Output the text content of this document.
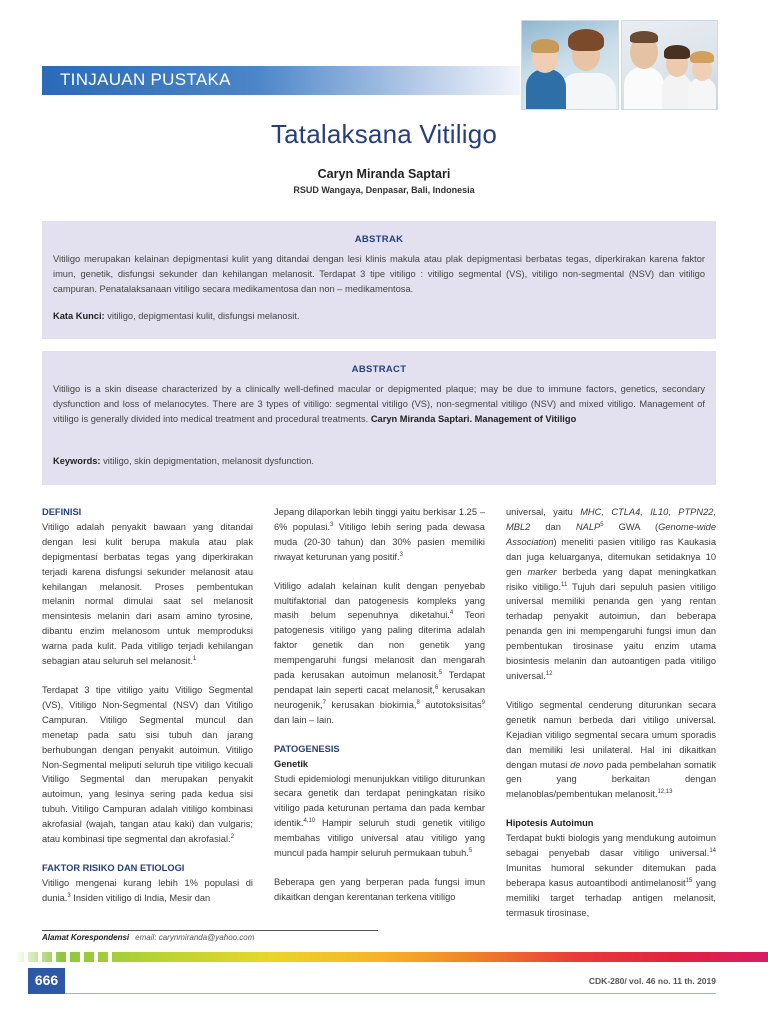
TINJAUAN PUSTAKA
Tatalaksana Vitiligo
Caryn Miranda Saptari
RSUD Wangaya, Denpasar, Bali, Indonesia
ABSTRAK
Vitiligo merupakan kelainan depigmentasi kulit yang ditandai dengan lesi klinis makula atau plak depigmentasi berbatas tegas, diperkirakan karena faktor imun, genetik, disfungsi sekunder dan kehilangan melanosit. Terdapat 3 tipe vitiligo : vitiligo segmental (VS), vitiligo non-segmental (NSV) dan vitiligo campuran. Penatalaksanaan vitiligo secara medikamentosa dan non – medikamentosa.
Kata Kunci: vitiligo, depigmentasi kulit, disfungsi melanosit.
ABSTRACT
Vitiligo is a skin disease characterized by a clinically well-defined macular or depigmented plaque; may be due to immune factors, genetics, secondary dysfunction and loss of melanocytes. There are 3 types of vitiligo: segmental vitiligo (VS), non-segmental vitiligo (NSV) and mixed vitiligo. Management of vitiligo is generally divided into medical treatment and procedural treatments. Caryn Miranda Saptari. Management of Vitiligo
Keywords: vitiligo, skin depigmentation, melanosit dysfunction.
DEFINISI

Vitiligo adalah penyakit bawaan yang ditandai dengan lesi kulit berupa makula atau plak depigmentasi berbatas tegas yang diperkirakan terjadi karena disfungsi sekunder melanosit atau kehilangan melanosit. Proses pembentukan melanin normal dimulai saat sel melanosit mensintesis melanin dari asam amino tyrosine, dibantu enzim melanosom untuk memproduksi warna pada kulit. Pada vitiligo terjadi kehilangan sebagian atau seluruh sel melanosit.$^1$

Terdapat 3 tipe vitiligo yaitu Vitiligo Segmental (VS), Vitiligo Non-Segmental (NSV) dan Vitiligo Campuran. Vitiligo Segmental muncul dan menetap pada satu sisi tubuh dan jarang berhubungan dengan penyakit autoimun. Vitiligo Non-Segmental meliputi seluruh tipe vitiligo kecuali Vitiligo Segmental dan merupakan penyakit autoimun, yang lesinya sering pada kedua sisi tubuh. Vitiligo Campuran adalah vitiligo kombinasi akrofasial (wajah, tangan atau kaki) dan vulgaris; atau kombinasi tipe segmental dan akrofasial.$^2$

FAKTOR RISIKO DAN ETIOLOGI

Vitiligo mengenai kurang lebih 1% populasi di dunia.$^3$ Insiden vitiligo di India, Mesir dan

Jepang dilaporkan lebih tinggi yaitu berkisar 1.25 – 6% populasi.$^3$ Vitiligo lebih sering pada dewasa muda (20-30 tahun) dan 30% pasien memiliki riwayat keturunan yang positif.$^3$

Vitiligo adalah kelainan kulit dengan penyebab multifaktorial dan patogenesis kompleks yang masih belum sepenuhnya diketahui.$^4$ Teori patogenesis vitiligo yang paling diterima adalah faktor genetik dan non genetik yang mempengaruhi fungsi melanosit dan mengarah pada kerusakan autoimun melanosit.$^5$ Terdapat pendapat lain seperti cacat melanosit,$^6$ kerusakan neurogenik,$^7$ kerusakan biokimia,$^8$ autotoksisitas$^9$ dan lain – lain.

PATOGENESIS
Genetik

Studi epidemiologi menunjukkan vitiligo diturunkan secara genetik dan terdapat peningkatan risiko vitiligo pada keturunan pertama dan pada kembar identik.$^{4,10}$ Hampir seluruh studi genetik vitiligo membahas vitiligo universal atau vitiligo yang muncul pada hampir seluruh permukaan tubuh.$^5$

Beberapa gen yang berperan pada fungsi imun dikaitkan dengan kerentanan terkena vitiligo

universal, yaitu MHC, CTLA4, IL10, PTPN22, MBL2 dan NALP$^5$ GWA (Genome-wide Association) meneliti pasien vitiligo ras Kaukasia dan juga keluarganya, ditemukan setidaknya 10 gen marker berbeda yang dapat meningkatkan risiko vitiligo.$^{11}$ Tujuh dari sepuluh pasien vitiligo universal memiliki penanda gen yang rentan terhadap penyakit autoimun, dan beberapa penanda gen ini mempengaruhi fungsi imun dan pembentukan tirosinase yaitu enzim utama biosintesis melanin dan autoantigen pada vitiligo universal.$^{12}$

Vitiligo segmental cenderung diturunkan secara genetik namun berbeda dari vitiligo universal. Kejadian vitiligo segmental secara umum sporadis dan memiliki lesi unilateral. Hal ini dikaitkan dengan mutasi de novo pada pembelahan somatik gen yang berkaitan dengan melanoblas/pembentukan melanosit.$^{12,13}$

Hipotesis Autoimun

Terdapat bukti biologis yang mendukung autoimun sebagai penyebab dasar vitiligo universal.$^{14}$ Imunitas humoral sekunder ditemukan pada beberapa kasus autoantibodi antimelanosit$^{15}$ yang memiliki target terhadap antigen melanosit, termasuk tirosinase,

Alamat Korespondensi email: carynmiranda@yahoo.com
666	CDK-280/ vol. 46 no. 11 th. 2019
